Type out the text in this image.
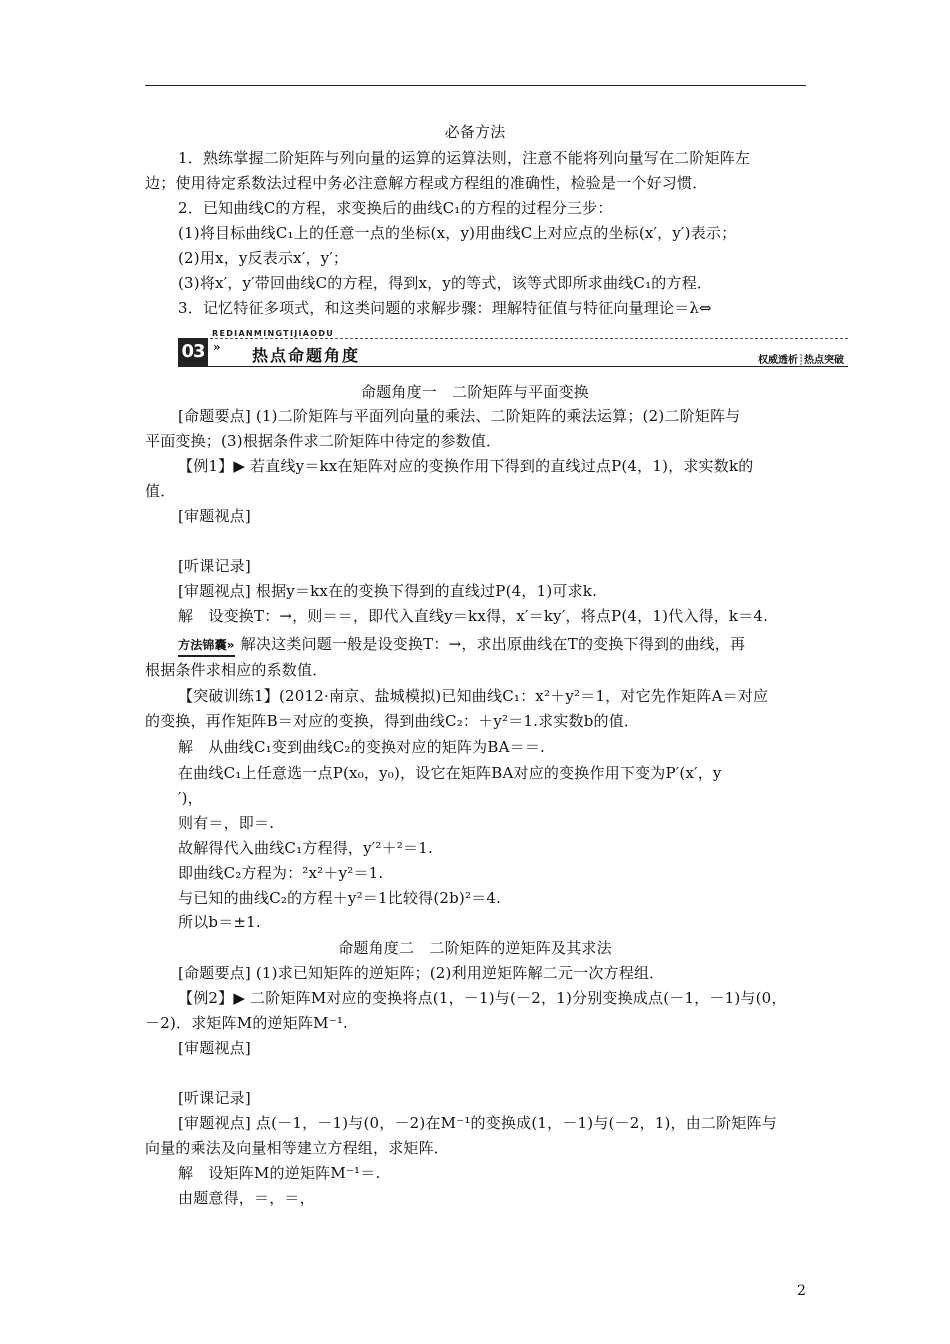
必备方法
1．熟练掌握二阶矩阵与列向量的运算的运算法则，注意不能将列向量写在二阶矩阵左
边；使用待定系数法过程中务必注意解方程或方程组的准确性，检验是一个好习惯．
2．已知曲线C的方程，求变换后的曲线C₁的方程的过程分三步：
(1)将目标曲线C₁上的任意一点的坐标(x，y)用曲线C上对应点的坐标(x′，y′)表示；
(2)用x，y反表示x′，y′；
(3)将x′，y′带回曲线C的方程，得到x，y的等式，该等式即所求曲线C₁的方程．
3．记忆特征多项式，和这类问题的求解步骤：理解特征值与特征向量理论＝λ⇔
REDIANMINGTIJIAODU
03 » 热点命题角度	权威透析┊热点突破
命题角度一　二阶矩阵与平面变换
[命题要点] (1)二阶矩阵与平面列向量的乘法、二阶矩阵的乘法运算；(2)二阶矩阵与
平面变换；(3)根据条件求二阶矩阵中待定的参数值．
【例1】▶ 若直线y＝kx在矩阵对应的变换作用下得到的直线过点P(4，1)，求实数k的
值．
[审题视点]
[听课记录]
[审题视点] 根据y＝kx在的变换下得到的直线过P(4，1)可求k.
解　设变换T：→，则＝＝，即代入直线y＝kx得，x′＝ky′，将点P(4，1)代入得，k＝4.
方法锦囊» 解决这类问题一般是设变换T：→，求出原曲线在T的变换下得到的曲线，再
根据条件求相应的系数值．
【突破训练1】(2012·南京、盐城模拟)已知曲线C₁：x²＋y²＝1，对它先作矩阵A＝对应
的变换，再作矩阵B＝对应的变换，得到曲线C₂：＋y²＝1.求实数b的值．
解　从曲线C₁变到曲线C₂的变换对应的矩阵为BA＝＝.
在曲线C₁上任意选一点P(x₀，y₀)，设它在矩阵BA对应的变换作用下变为P′(x′，y
′)，
则有＝，即＝.
故解得代入曲线C₁方程得，y′²＋²＝1.
即曲线C₂方程为：²x²＋y²＝1.
与已知的曲线C₂的方程＋y²＝1比较得(2b)²＝4.
所以b＝±1.
命题角度二　二阶矩阵的逆矩阵及其求法
[命题要点] (1)求已知矩阵的逆矩阵；(2)利用逆矩阵解二元一次方程组．
【例2】▶ 二阶矩阵M对应的变换将点(1，－1)与(－2，1)分别变换成点(－1，－1)与(0，
－2)．求矩阵M的逆矩阵M⁻¹.
[审题视点]
[听课记录]
[审题视点] 点(－1，－1)与(0，－2)在M⁻¹的变换成(1，－1)与(－2，1)，由二阶矩阵与
向量的乘法及向量相等建立方程组，求矩阵．
解　设矩阵M的逆矩阵M⁻¹＝.
由题意得，＝，＝，
2
